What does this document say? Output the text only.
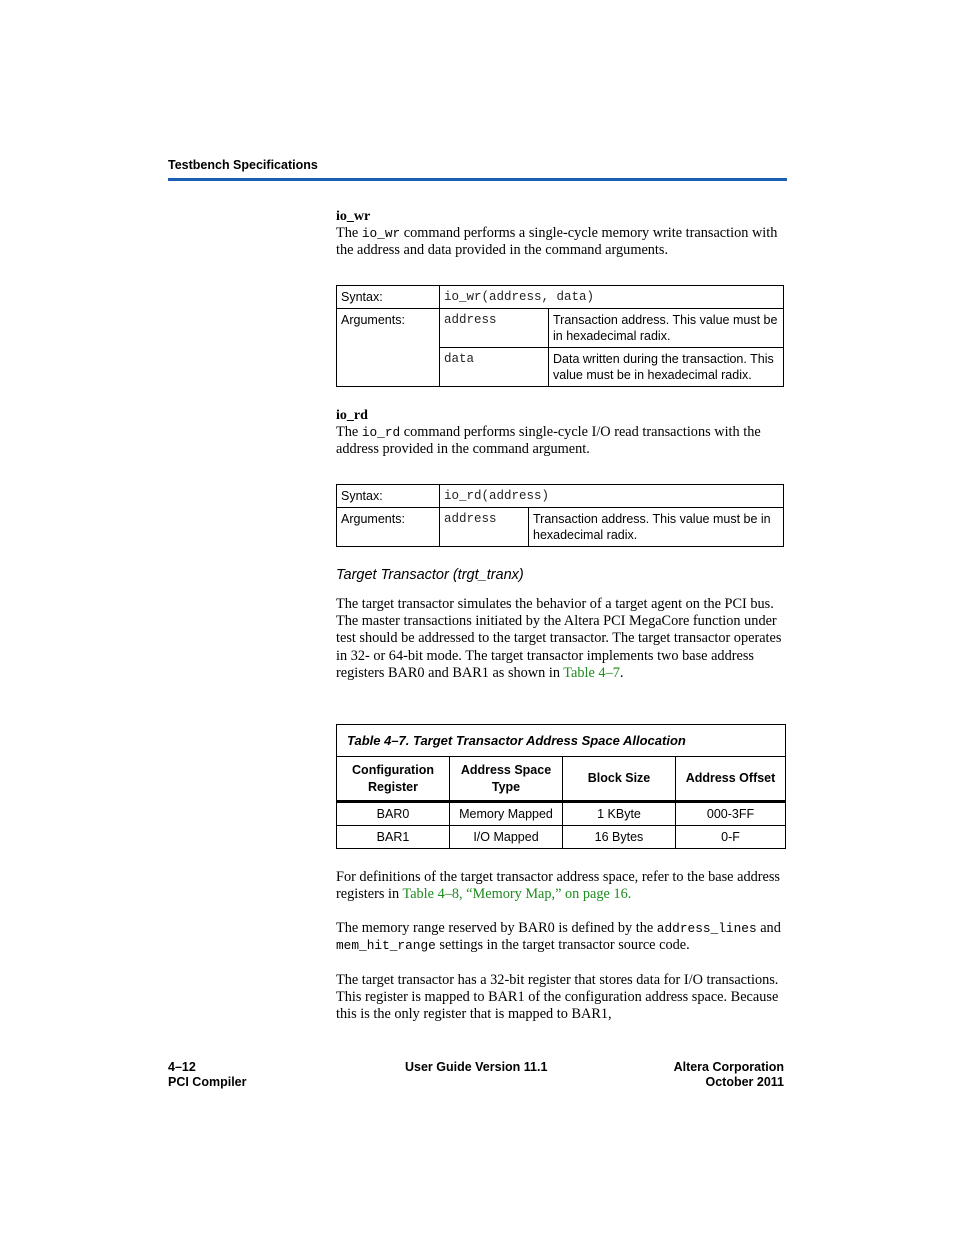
Testbench Specifications
io_wr
The io_wr command performs a single-cycle memory write transaction with the address and data provided in the command arguments.
Syntax:	io_wr(address, data)	
Arguments:	address	Transaction address. This value must be in hexadecimal radix.
	data	Data written during the transaction. This value must be in hexadecimal radix.
io_rd
The io_rd command performs single-cycle I/O read transactions with the address provided in the command argument.
Syntax:	io_rd(address)	
Arguments:	address	Transaction address. This value must be in hexadecimal radix.
Target Transactor (trgt_tranx)
The target transactor simulates the behavior of a target agent on the PCI bus. The master transactions initiated by the Altera PCI MegaCore function under test should be addressed to the target transactor. The target transactor operates in 32- or 64-bit mode. The target transactor implements two base address registers BAR0 and BAR1 as shown in Table 4–7.
Table 4–7. Target Transactor Address Space Allocation			
Configuration Register	Address Space Type	Block Size	Address Offset
BAR0	Memory Mapped	1 KByte	000-3FF
BAR1	I/O Mapped	16 Bytes	0-F
For definitions of the target transactor address space, refer to the base address registers in Table 4–8, “Memory Map,” on page 16.
The memory range reserved by BAR0 is defined by the address_lines and mem_hit_range settings in the target transactor source code.
The target transactor has a 32-bit register that stores data for I/O transactions. This register is mapped to BAR1 of the configuration address space. Because this is the only register that is mapped to BAR1,
4–12
PCI Compiler
User Guide Version 11.1	Altera Corporation
October 2011
